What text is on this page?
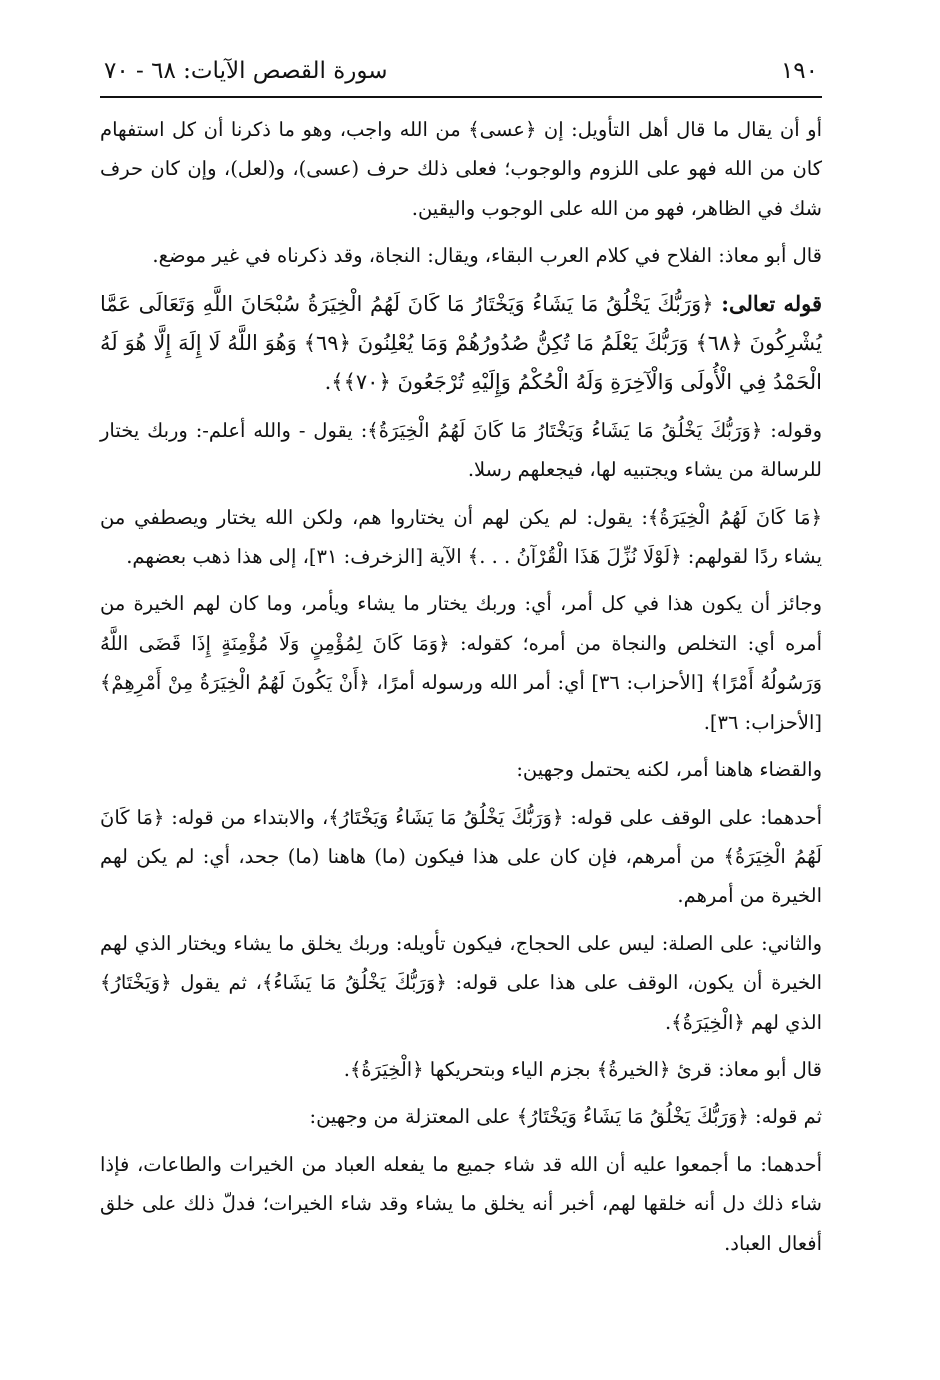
١٩٠
سورة القصص الآيات: ٦٨ - ٧٠

أو أن يقال ما قال أهل التأويل: إن ﴿عسى﴾ من الله واجب، وهو ما ذكرنا أن كل استفهام كان من الله فهو على اللزوم والوجوب؛ فعلى ذلك حرف (عسى)، و(لعل)، وإن كان حرف شك في الظاهر، فهو من الله على الوجوب واليقين.

قال أبو معاذ: الفلاح في كلام العرب البقاء، ويقال: النجاة، وقد ذكرناه في غير موضع.

قوله تعالى: ﴿وَرَبُّكَ يَخْلُقُ مَا يَشَاءُ وَيَخْتَارُ مَا كَانَ لَهُمُ الْخِيَرَةُ سُبْحَانَ اللَّهِ وَتَعَالَى عَمَّا يُشْرِكُونَ ﴿٦٨﴾ وَرَبُّكَ يَعْلَمُ مَا تُكِنُّ صُدُورُهُمْ وَمَا يُعْلِنُونَ ﴿٦٩﴾ وَهُوَ اللَّهُ لَا إِلَهَ إِلَّا هُوَ لَهُ الْحَمْدُ فِي الْأُولَى وَالْآخِرَةِ وَلَهُ الْحُكْمُ وَإِلَيْهِ تُرْجَعُونَ ﴿٧٠﴾﴾.

وقوله: ﴿وَرَبُّكَ يَخْلُقُ مَا يَشَاءُ وَيَخْتَارُ مَا كَانَ لَهُمُ الْخِيَرَةُ﴾: يقول - والله أعلم-: وربك يختار للرسالة من يشاء ويجتبيه لها، فيجعلهم رسلا.

﴿مَا كَانَ لَهُمُ الْخِيَرَةُ﴾: يقول: لم يكن لهم أن يختاروا هم، ولكن الله يختار ويصطفي من يشاء ردًا لقولهم: ﴿لَوْلَا نُزِّلَ هَذَا الْقُرْآنُ . . .﴾ الآية [الزخرف: ٣١]، إلى هذا ذهب بعضهم.

وجائز أن يكون هذا في كل أمر، أي: وربك يختار ما يشاء ويأمر، وما كان لهم الخيرة من أمره أي: التخلص والنجاة من أمره؛ كقوله: ﴿وَمَا كَانَ لِمُؤْمِنٍ وَلَا مُؤْمِنَةٍ إِذَا قَضَى اللَّهُ وَرَسُولُهُ أَمْرًا﴾ [الأحزاب: ٣٦] أي: أمر الله ورسوله أمرًا، ﴿أَنْ يَكُونَ لَهُمُ الْخِيَرَةُ مِنْ أَمْرِهِمْ﴾ [الأحزاب: ٣٦].

والقضاء هاهنا أمر، لكنه يحتمل وجهين:

أحدهما: على الوقف على قوله: ﴿وَرَبُّكَ يَخْلُقُ مَا يَشَاءُ وَيَخْتَارُ﴾، والابتداء من قوله: ﴿مَا كَانَ لَهُمُ الْخِيَرَةُ﴾ من أمرهم، فإن كان على هذا فيكون (ما) هاهنا (ما) جحد، أي: لم يكن لهم الخيرة من أمرهم.

والثاني: على الصلة: ليس على الحجاج، فيكون تأويله: وربك يخلق ما يشاء ويختار الذي لهم الخيرة أن يكون، الوقف على هذا على قوله: ﴿وَرَبُّكَ يَخْلُقُ مَا يَشَاءُ﴾، ثم يقول ﴿وَيَخْتَارُ﴾ الذي لهم ﴿الْخِيَرَةُ﴾.

قال أبو معاذ: قرئ ﴿الخيرةُ﴾ بجزم الياء وبتحريكها ﴿الْخِيَرَةُ﴾.

ثم قوله: ﴿وَرَبُّكَ يَخْلُقُ مَا يَشَاءُ وَيَخْتَارُ﴾ على المعتزلة من وجهين:

أحدهما: ما أجمعوا عليه أن الله قد شاء جميع ما يفعله العباد من الخيرات والطاعات، فإذا شاء ذلك دل أنه خلقها لهم، أخبر أنه يخلق ما يشاء وقد شاء الخيرات؛ فدلّ ذلك على خلق أفعال العباد.
